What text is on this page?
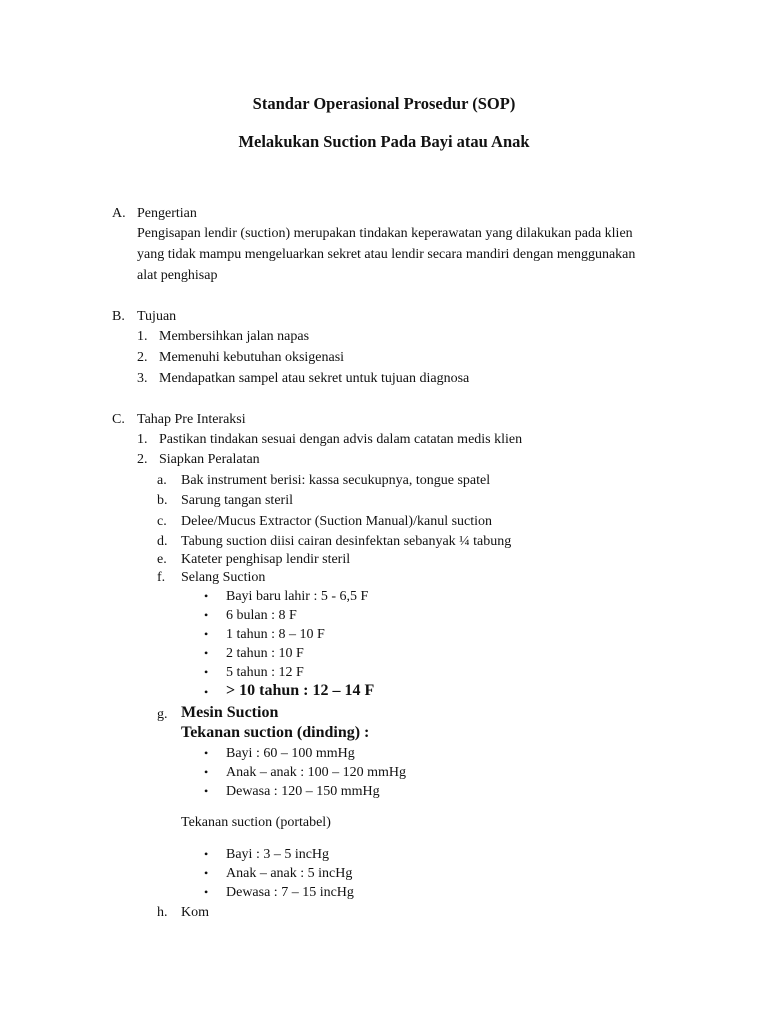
Standar Operasional Prosedur (SOP)
Melakukan Suction Pada Bayi atau Anak
A. Pengertian
Pengisapan lendir (suction) merupakan tindakan keperawatan yang dilakukan pada klien
yang tidak mampu mengeluarkan sekret atau lendir secara mandiri dengan menggunakan
alat penghisap
B. Tujuan
1. Membersihkan jalan napas
2. Memenuhi kebutuhan oksigenasi
3. Mendapatkan sampel atau sekret untuk tujuan diagnosa
C. Tahap Pre Interaksi
1. Pastikan tindakan sesuai dengan advis dalam catatan medis klien
2. Siapkan Peralatan
a. Bak instrument berisi: kassa secukupnya, tongue spatel
b. Sarung tangan steril
c. Delee/Mucus Extractor (Suction Manual)/kanul suction
d. Tabung suction diisi cairan desinfektan sebanyak ¼ tabung
e. Kateter penghisap lendir steril
f. Selang Suction
• Bayi baru lahir : 5 - 6,5 F
• 6 bulan : 8 F
• 1 tahun : 8 – 10 F
• 2 tahun : 10 F
• 5 tahun : 12 F
• > 10 tahun : 12 – 14 F
g. Mesin Suction
Tekanan suction (dinding) :
• Bayi : 60 – 100 mmHg
• Anak – anak : 100 – 120 mmHg
• Dewasa : 120 – 150 mmHg
Tekanan suction (portabel)
• Bayi : 3 – 5 incHg
• Anak – anak : 5 incHg
• Dewasa : 7 – 15 incHg
h. Kom
